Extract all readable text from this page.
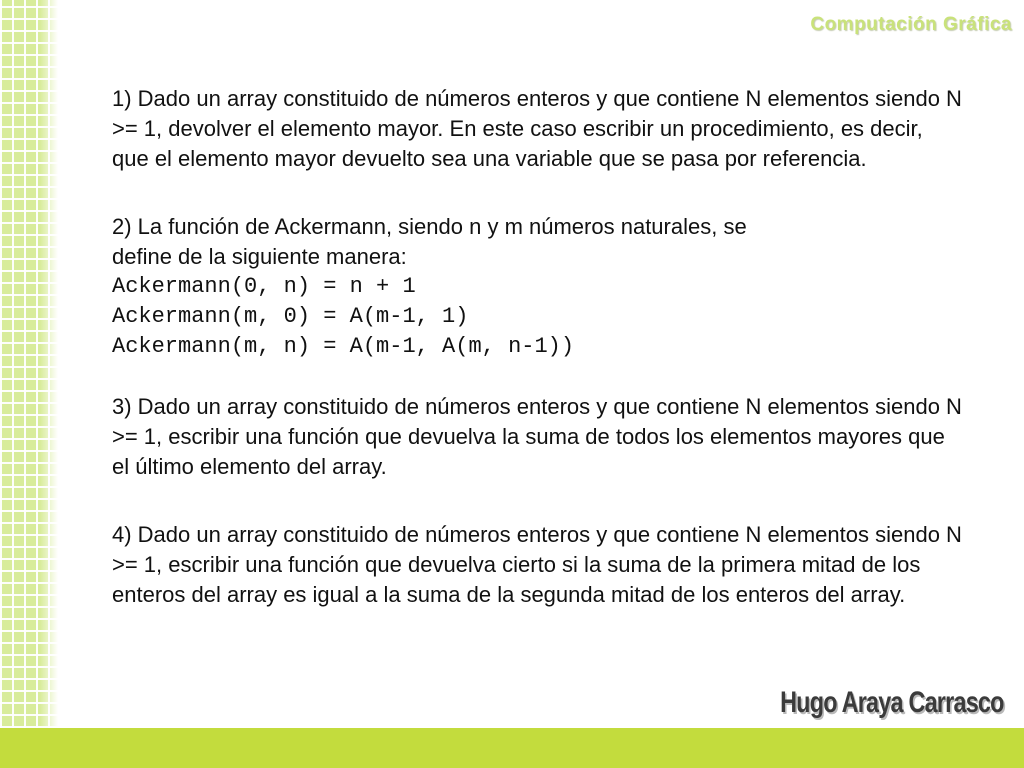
Computación Gráfica

1) Dado un array constituido de números enteros y que contiene N elementos siendo N >= 1, devolver el elemento mayor. En este caso escribir un procedimiento, es decir, que el elemento mayor devuelto sea una variable que se pasa por referencia.

2) La función de Ackermann, siendo n y m números naturales, se

define de la siguiente manera:

Ackermann(0, n) = n + 1
Ackermann(m, 0) = A(m-1, 1)
Ackermann(m, n) = A(m-1, A(m, n-1))

3) Dado un array constituido de números enteros y que contiene N elementos siendo N >= 1, escribir una función que devuelva la suma de todos los elementos mayores que el último elemento del array.

4) Dado un array constituido de números enteros y que contiene N elementos siendo N >= 1, escribir una función que devuelva cierto si la suma de la primera mitad de los enteros del array es igual a la suma de la segunda mitad de los enteros del array.

Hugo Araya Carrasco
